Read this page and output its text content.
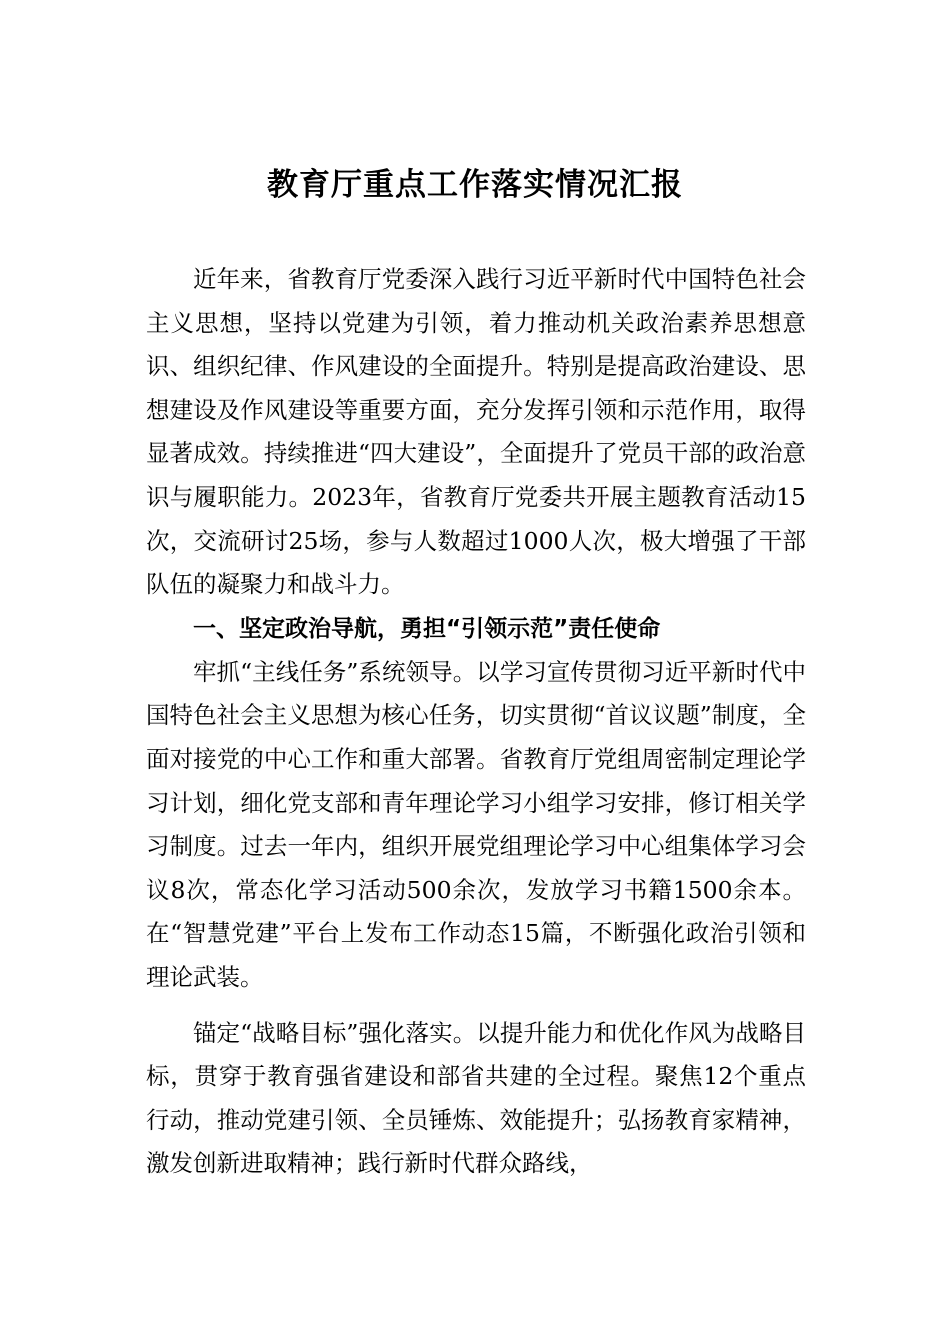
教育厅重点工作落实情况汇报

近年来，省教育厅党委深入践行习近平新时代中国特色社会主义思想，坚持以党建为引领，着力推动机关政治素养思想意识、组织纪律、作风建设的全面提升。特别是提高政治建设、思想建设及作风建设等重要方面，充分发挥引领和示范作用，取得显著成效。持续推进“四大建设”，全面提升了党员干部的政治意识与履职能力。2023年，省教育厅党委共开展主题教育活动15次，交流研讨25场，参与人数超过1000人次，极大增强了干部队伍的凝聚力和战斗力。

一、坚定政治导航，勇担“引领示范”责任使命

牢抓“主线任务”系统领导。以学习宣传贯彻习近平新时代中国特色社会主义思想为核心任务，切实贯彻“首议议题”制度，全面对接党的中心工作和重大部署。省教育厅党组周密制定理论学习计划，细化党支部和青年理论学习小组学习安排，修订相关学习制度。过去一年内，组织开展党组理论学习中心组集体学习会议8次，常态化学习活动500余次，发放学习书籍1500余本。在“智慧党建”平台上发布工作动态15篇，不断强化政治引领和理论武装。

锚定“战略目标”强化落实。以提升能力和优化作风为战略目标，贯穿于教育强省建设和部省共建的全过程。聚焦12个重点行动，推动党建引领、全员锤炼、效能提升；弘扬教育家精神，激发创新进取精神；践行新时代群众路线，
